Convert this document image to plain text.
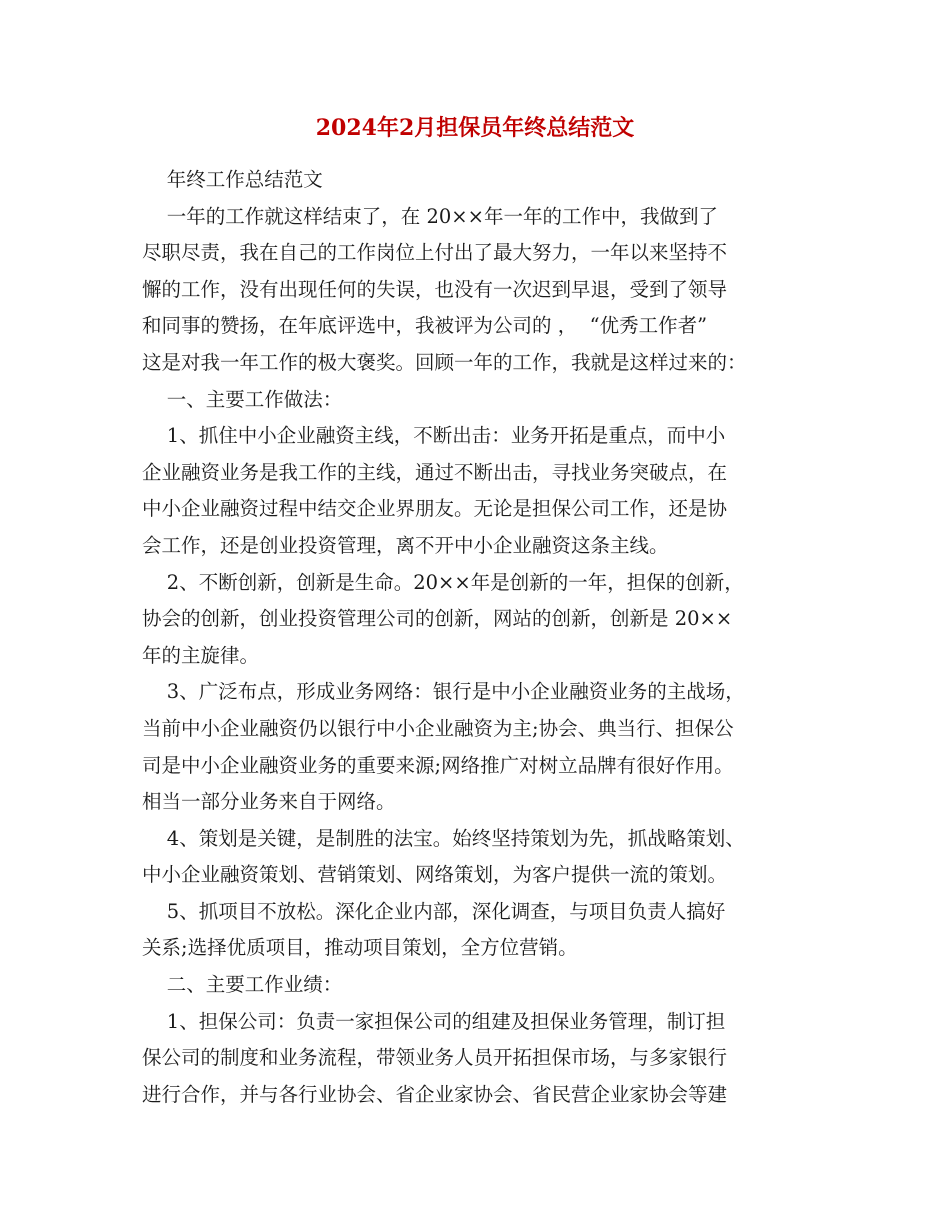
2024年2月担保员年终总结范文
年终工作总结范文
一年的工作就这样结束了，在 20××年一年的工作中，我做到了
尽职尽责，我在自己的工作岗位上付出了最大努力，一年以来坚持不
懈的工作，没有出现任何的失误，也没有一次迟到早退，受到了领导
和同事的赞扬，在年底评选中，我被评为公司的 ，  “优秀工作者”
这是对我一年工作的极大褒奖。回顾一年的工作，我就是这样过来的：
一、主要工作做法：
1、抓住中小企业融资主线，不断出击：业务开拓是重点，而中小
企业融资业务是我工作的主线，通过不断出击，寻找业务突破点，在
中小企业融资过程中结交企业界朋友。无论是担保公司工作，还是协
会工作，还是创业投资管理，离不开中小企业融资这条主线。
2、不断创新，创新是生命。20××年是创新的一年，担保的创新，
协会的创新，创业投资管理公司的创新，网站的创新，创新是 20××
年的主旋律。
3、广泛布点，形成业务网络：银行是中小企业融资业务的主战场，
当前中小企业融资仍以银行中小企业融资为主;协会、典当行、担保公
司是中小企业融资业务的重要来源;网络推广对树立品牌有很好作用。
相当一部分业务来自于网络。
4、策划是关键，是制胜的法宝。始终坚持策划为先，抓战略策划、
中小企业融资策划、营销策划、网络策划，为客户提供一流的策划。
5、抓项目不放松。深化企业内部，深化调查，与项目负责人搞好
关系;选择优质项目，推动项目策划，全方位营销。
二、主要工作业绩：
1、担保公司：负责一家担保公司的组建及担保业务管理，制订担
保公司的制度和业务流程，带领业务人员开拓担保市场，与多家银行
进行合作，并与各行业协会、省企业家协会、省民营企业家协会等建
